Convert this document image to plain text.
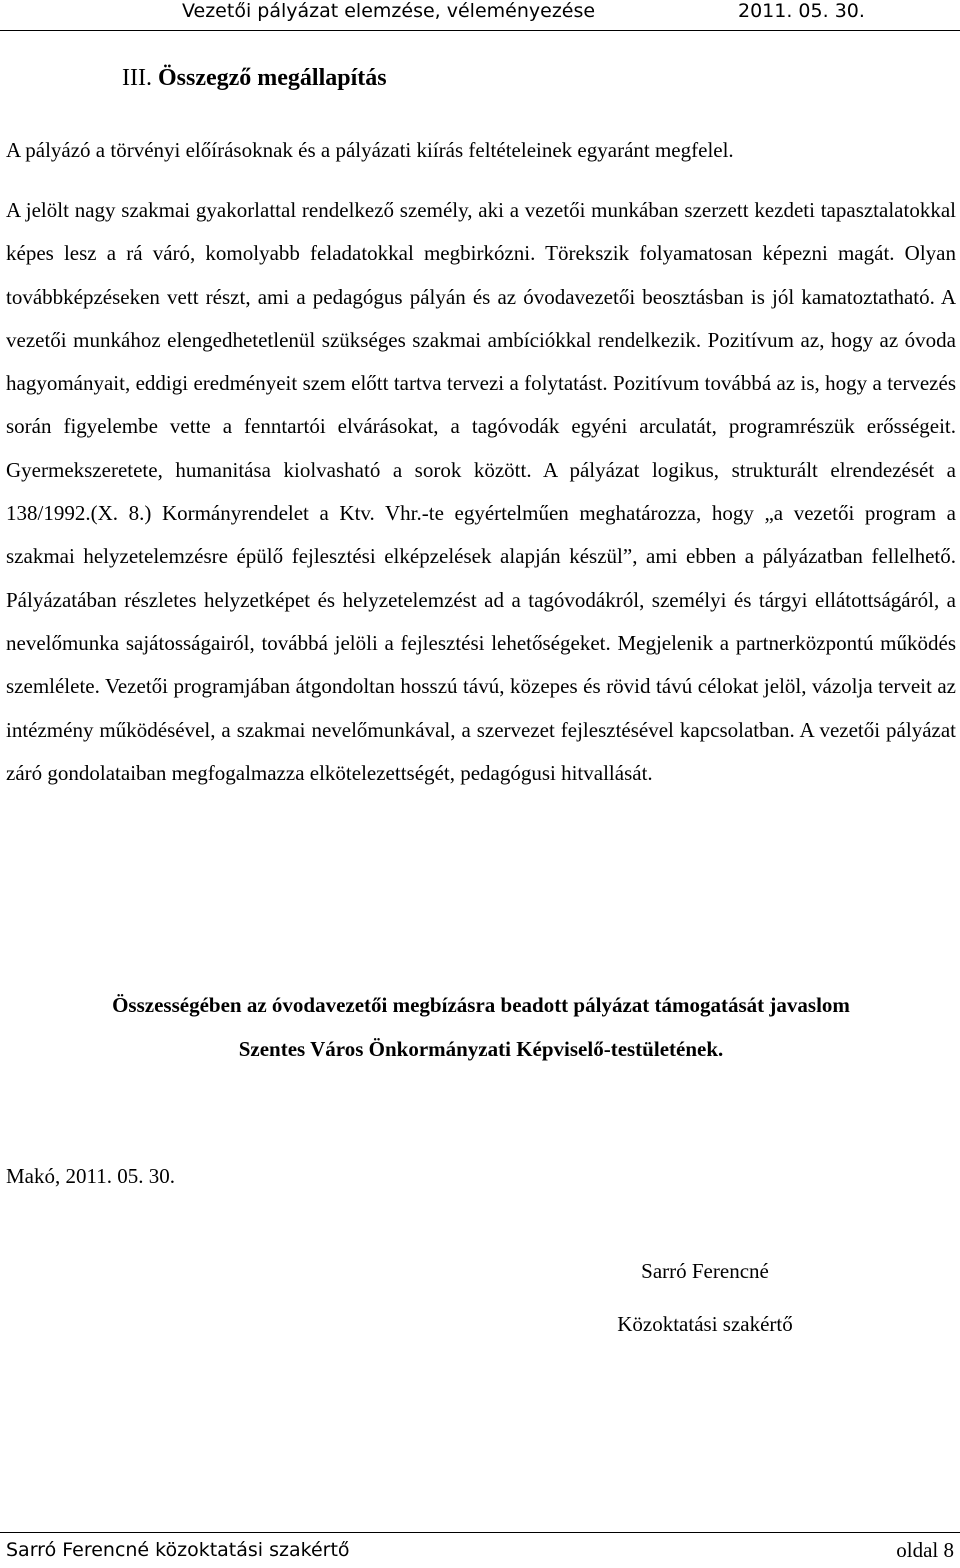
Vezetői pályázat elemzése, véleményezése	2011. 05. 30.
III. Összegző megállapítás
A pályázó a törvényi előírásoknak és a pályázati kiírás feltételeinek egyaránt megfelel.

A jelölt nagy szakmai gyakorlattal rendelkező személy, aki a vezetői munkában szerzett kezdeti tapasztalatokkal képes lesz a rá váró, komolyabb feladatokkal megbirkózni. Törekszik folyamatosan képezni magát. Olyan továbbképzéseken vett részt, ami a pedagógus pályán és az óvodavezetői beosztásban is jól kamatoztatható. A vezetői munkához elengedhetetlenül szükséges szakmai ambíciókkal rendelkezik. Pozitívum az, hogy az óvoda hagyományait, eddigi eredményeit szem előtt tartva tervezi a folytatást. Pozitívum továbbá az is, hogy a tervezés során figyelembe vette a fenntartói elvárásokat, a tagóvodák egyéni arculatát, programrészük erősségeit. Gyermekszeretete, humanitása kiolvasható a sorok között. A pályázat logikus, strukturált elrendezését a 138/1992.(X. 8.) Kormányrendelet a Ktv. Vhr.-te egyértelműen meghatározza, hogy „a vezetői program a szakmai helyzetelemzésre épülő fejlesztési elképzelések alapján készül”, ami ebben a pályázatban fellelhető. Pályázatában részletes helyzetképet és helyzetelemzést ad a tagóvodákról, személyi és tárgyi ellátottságáról, a nevelőmunka sajátosságairól, továbbá jelöli a fejlesztési lehetőségeket. Megjelenik a partnerközpontú működés szemlélete. Vezetői programjában átgondoltan hosszú távú, közepes és rövid távú célokat jelöl, vázolja terveit az intézmény működésével, a szakmai nevelőmunkával, a szervezet fejlesztésével kapcsolatban. A vezetői pályázat záró gondolataiban megfogalmazza elkötelezettségét, pedagógusi hitvallását.

Összességében az óvodavezetői megbízásra beadott pályázat támogatását javaslom
Szentes Város Önkormányzati Képviselő-testületének.
Makó, 2011. 05. 30.
Sarró Ferencné
Közoktatási szakértő
Sarró Ferencné közoktatási szakértő	oldal 8
